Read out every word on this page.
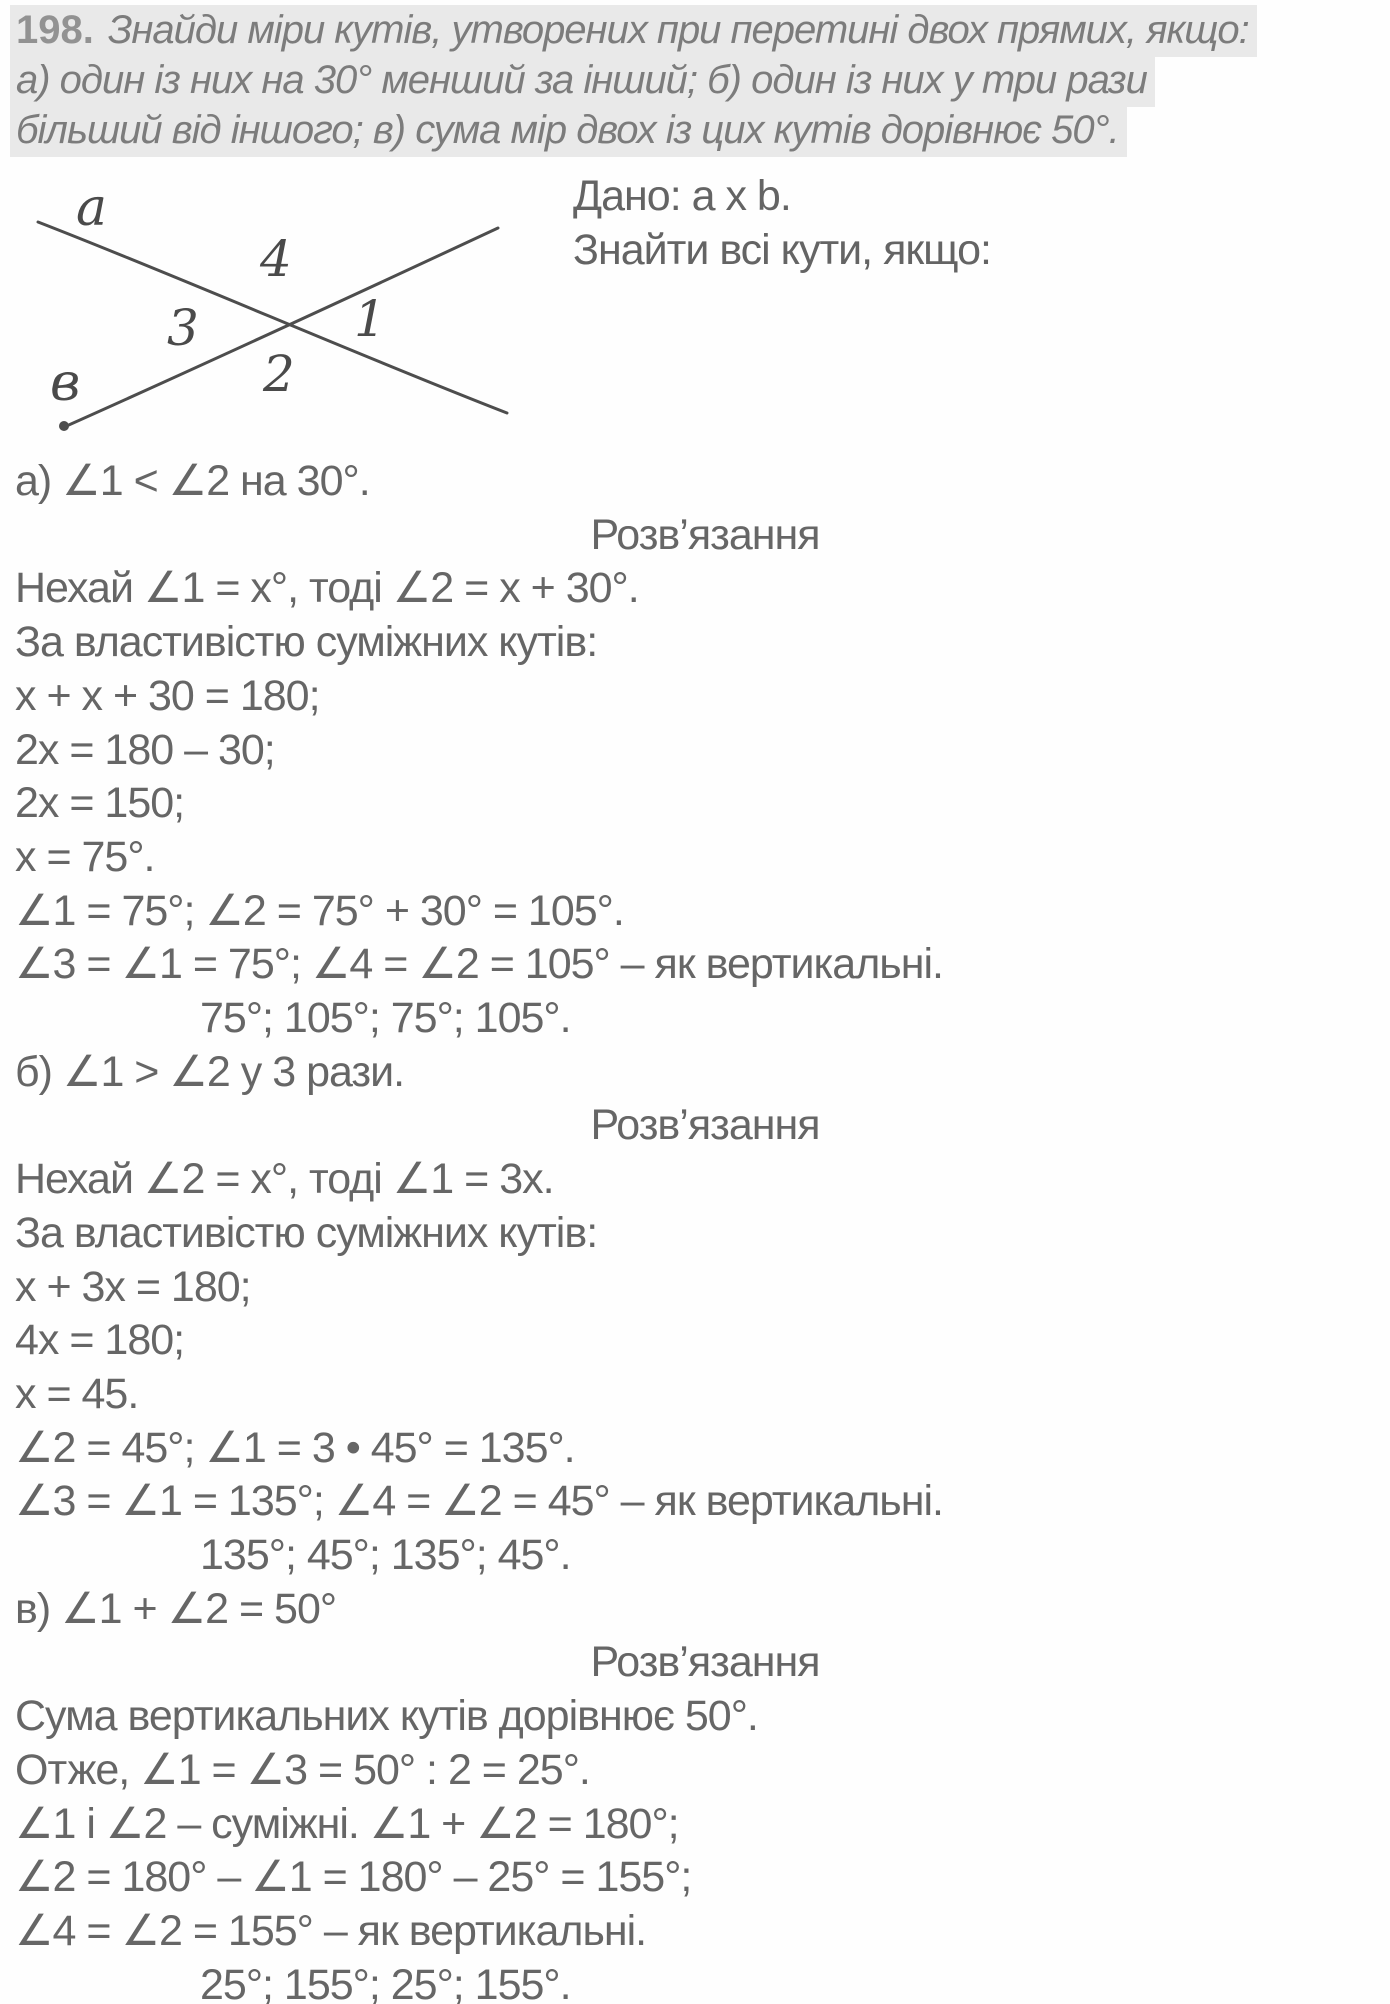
198. Знайди міри кутів, утворених при перетині двох прямих, якщо:
а) один із них на 30° менший за інший; б) один із них у три рази
більший від іншого; в) сума мір двох із цих кутів дорівнює 50°.
a
в
4
3	1
2
Дано: a x b.
Знайти всі кути, якщо:
а) ∠1 < ∠2 на 30°.
Розв’язання
Нехай ∠1 = х°, тоді ∠2 = х + 30°.
За властивістю суміжних кутів:
х + х + 30 = 180;
2х = 180 – 30;
2х = 150;
х = 75°.
∠1 = 75°; ∠2 = 75° + 30° = 105°.
∠3 = ∠1 = 75°; ∠4 = ∠2 = 105° – як вертикальні.
75°; 105°; 75°; 105°.
б) ∠1 > ∠2 у 3 рази.
Розв’язання
Нехай ∠2 = х°, тоді ∠1 = 3х.
За властивістю суміжних кутів:
х + 3х = 180;
4х = 180;
х = 45.
∠2 = 45°; ∠1 = 3 • 45° = 135°.
∠3 = ∠1 = 135°; ∠4 = ∠2 = 45° – як вертикальні.
135°; 45°; 135°; 45°.
в) ∠1 + ∠2 = 50°
Розв’язання
Сума вертикальних кутів дорівнює 50°.
Отже, ∠1 = ∠3 = 50° : 2 = 25°.
∠1 і ∠2 – суміжні. ∠1 + ∠2 = 180°;
∠2 = 180° – ∠1 = 180° – 25° = 155°;
∠4 = ∠2 = 155° – як вертикальні.
25°; 155°; 25°; 155°.
